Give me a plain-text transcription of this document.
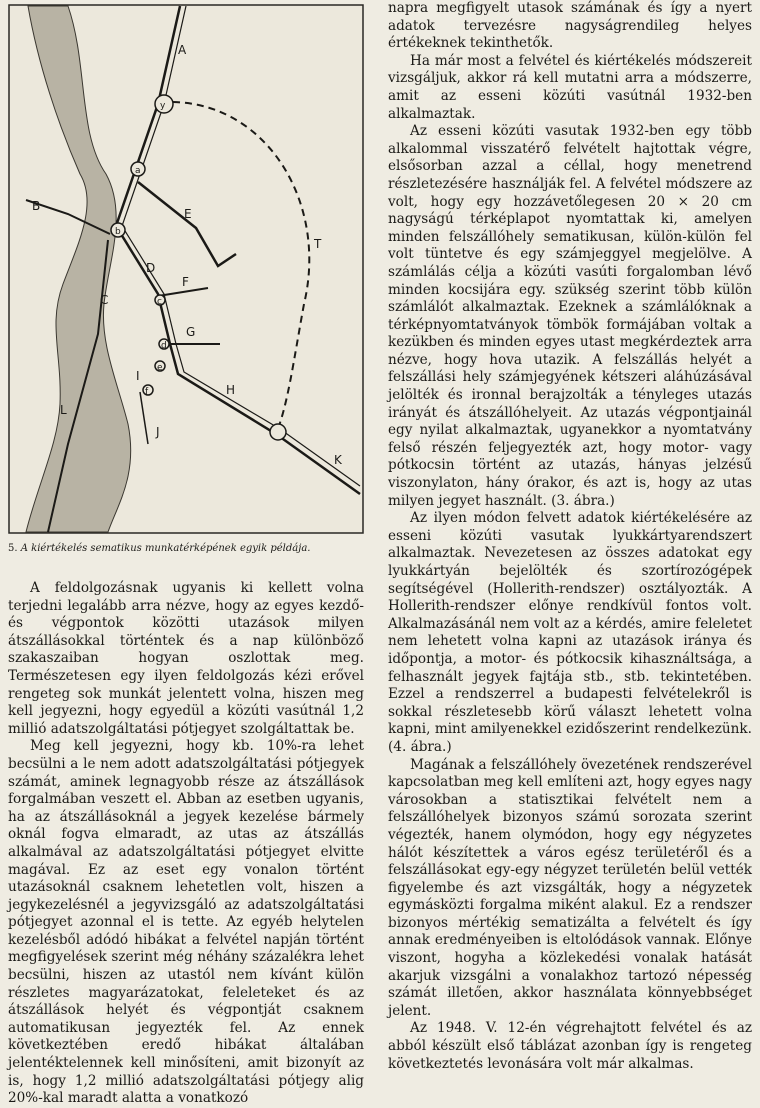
A
B
C
D
E
F
G
H
I
J
K
L
T
y
a
b
c
d
e
f
5. A kiértékelés sematikus munkatérképének egyik példája.

A feldolgozásnak ugyanis ki kellett volna terjedni legalább arra nézve, hogy az egyes kezdő- és végpontok közötti utazások milyen átszállásokkal történtek és a nap különböző szakaszaiban hogyan oszlottak meg. Természetesen egy ilyen feldolgozás kézi erővel rengeteg sok munkát jelentett volna, hiszen meg kell jegyezni, hogy egyedül a közúti vasútnál 1,2 millió adatszolgáltatási pótjegyet szolgáltattak be.

Meg kell jegyezni, hogy kb. 10%-ra lehet becsülni a le nem adott adatszolgáltatási pótjegyek számát, aminek legnagyobb része az átszállások forgalmában veszett el. Abban az esetben ugyanis, ha az átszállásoknál a jegyek kezelése bármely oknál fogva elmaradt, az utas az átszállás alkalmával az adatszolgáltatási pótjegyet elvitte magával. Ez az eset egy vonalon történt utazásoknál csaknem lehetetlen volt, hiszen a jegykezelésnél a jegyvizsgáló az adatszolgáltatási pótjegyet azonnal el is tette. Az egyéb helytelen kezelésből adódó hibákat a felvétel napján történt megfigyelések szerint még néhány százalékra lehet becsülni, hiszen az utastól nem kívánt külön részletes magyarázatokat, feleleteket és az átszállások helyét és végpontját csaknem automatikusan jegyezték fel. Az ennek következtében eredő hibákat általában jelentéktelennek kell minősíteni, amit bizonyít az is, hogy 1,2 millió adatszolgáltatási pótjegy alig 20%-kal maradt alatta a vonatkozó

napra megfigyelt utasok számának és így a nyert adatok tervezésre nagyságrendileg helyes értékeknek tekinthetők.

Ha már most a felvétel és kiértékelés módszereit vizsgáljuk, akkor rá kell mutatni arra a módszerre, amit az esseni közúti vasútnál 1932-ben alkalmaztak.

Az esseni közúti vasutak 1932-ben egy több alkalommal visszatérő felvételt hajtottak végre, elsősorban azzal a céllal, hogy menetrend részletezésére használják fel. A felvétel módszere az volt, hogy egy hozzávetőlegesen 20 × 20 cm nagyságú térképlapot nyomtattak ki, amelyen minden felszállóhely sematikusan, külön-külön fel volt tüntetve és egy számjeggyel megjelölve. A számlálás célja a közúti vasúti forgalomban lévő minden kocsijára egy. szükség szerint több külön számlálót alkalmaztak. Ezeknek a számlálóknak a térképnyomtatványok tömbök formájában voltak a kezükben és minden egyes utast megkérdeztek arra nézve, hogy hova utazik. A felszállás helyét a felszállási hely számjegyének kétszeri aláhúzásával jelölték és ironnal berajzolták a tényleges utazás irányát és átszállóhelyeit. Az utazás végpontjainál egy nyilat alkalmaztak, ugyanekkor a nyomtatvány felső részén feljegyezték azt, hogy motor- vagy pótkocsin történt az utazás, hányas jelzésű viszonylaton, hány órakor, és azt is, hogy az utas milyen jegyet használt. (3. ábra.)

Az ilyen módon felvett adatok kiértékelésére az esseni közúti vasutak lyukkártyarendszert alkalmaztak. Nevezetesen az összes adatokat egy lyukkártyán bejelölték és szortírozógépek segítségével (Hollerith-rendszer) osztályozták. A Hollerith-rendszer előnye rendkívül fontos volt. Alkalmazásánál nem volt az a kérdés, amire feleletet nem lehetett volna kapni az utazások iránya és időpontja, a motor- és pótkocsik kihasználtsága, a felhasznált jegyek fajtája stb., stb. tekintetében. Ezzel a rendszerrel a budapesti felvételekről is sokkal részletesebb körű választ lehetett volna kapni, mint amilyenekkel ezidőszerint rendelkezünk. (4. ábra.)

Magának a felszállóhely övezetének rendszerével kapcsolatban meg kell említeni azt, hogy egyes nagy városokban a statisztikai felvételt nem a felszállóhelyek bizonyos számú sorozata szerint végezték, hanem olymódon, hogy egy négyzetes hálót készítettek a város egész területéről és a felszállásokat egy-egy négyzet területén belül vették figyelembe és azt vizsgálták, hogy a négyzetek egymásközti forgalma miként alakul. Ez a rendszer bizonyos mértékig sematizálta a felvételt és így annak eredményeiben is eltolódások vannak. Előnye viszont, hogyha a közlekedési vonalak hatását akarjuk vizsgálni a vonalakhoz tartozó népesség számát illetően, akkor használata könnyebbséget jelent.

Az 1948. V. 12-én végrehajtott felvétel és az abból készült első táblázat azonban így is rengeteg következtetés levonására volt már alkalmas.
